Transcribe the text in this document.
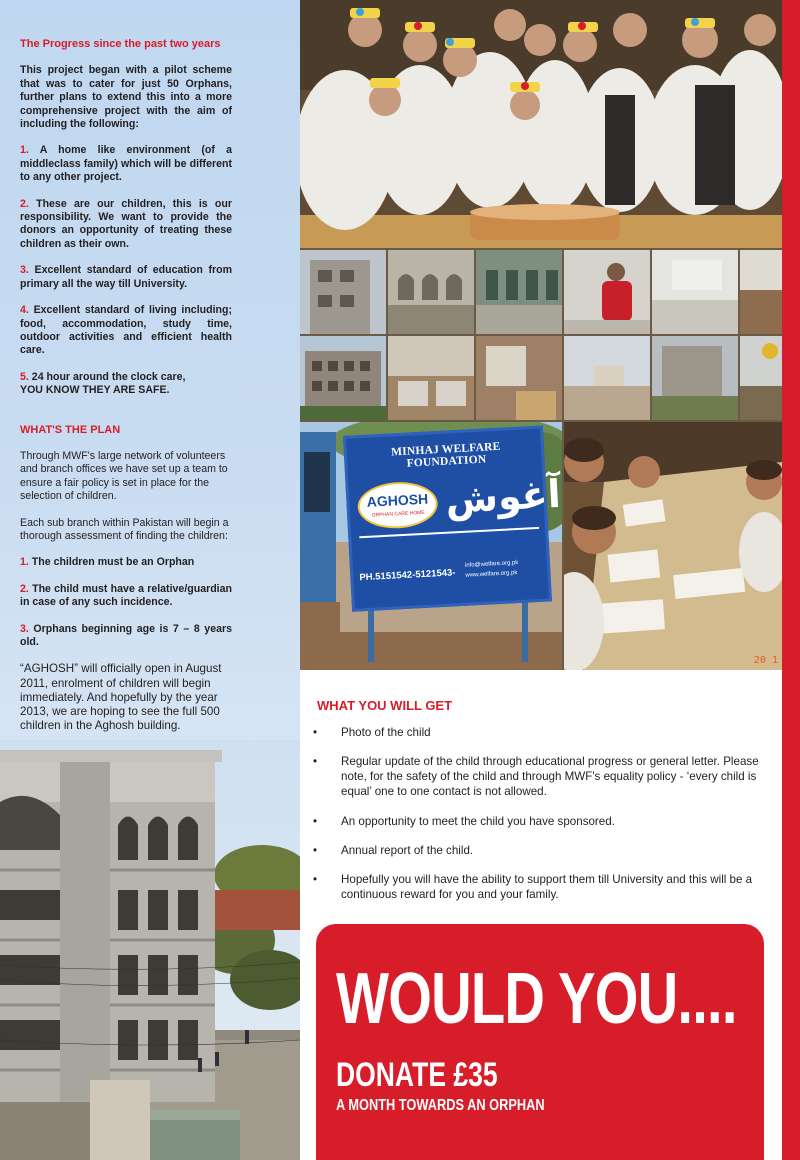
The Progress since the past two years

This project began with a pilot scheme that was to cater for just 50 Orphans, further plans to extend this into a more comprehensive project with the aim of including the following:

1. A home like environment (of a middleclass family) which will be different to any other project.

2. These are our children, this is our responsibility. We want to provide the donors an opportunity of treating these children as their own.

3. Excellent standard of education from primary all the way till University.

4. Excellent standard of living including; food, accommodation, study time, outdoor activities and efficient health care.

5. 24 hour around the clock care,
YOU KNOW THEY ARE SAFE.

WHAT'S THE PLAN

Through MWF's large network of volunteers and branch offices we have set up a team to ensure a fair policy is set in place for the selection of children.

Each sub branch within Pakistan will begin a thorough assessment of finding the children:

1. The children must be an Orphan

2. The child must have a relative/guardian in case of any such incidence.

3. Orphans beginning age is 7 – 8 years old.

“AGHOSH” will officially open in August 2011, enrolment of children will begin immediately. And hopefully by the year 2013, we are hoping to see the full 500 children in the Aghosh building.

MINHAJ WELFARE FOUNDATION
AGHOSH
ORPHAN CARE HOME آغوش
PH.5151542-5121543-
info@welfare.org.pk
www.welfare.org.pk
20 1
WHAT YOU WILL GET
• Photo of the child
• Regular update of the child through educational progress or general letter. Please note, for the safety of the child and through MWF's equality policy - ‘every child is equal’ one to one contact is not allowed.
• An opportunity to meet the child you have sponsored.
• Annual report of the child.
• Hopefully you will have the ability to support them till University and this will be a continuous reward for you and your family.
WOULD YOU....
DONATE £35
A MONTH TOWARDS AN ORPHAN
